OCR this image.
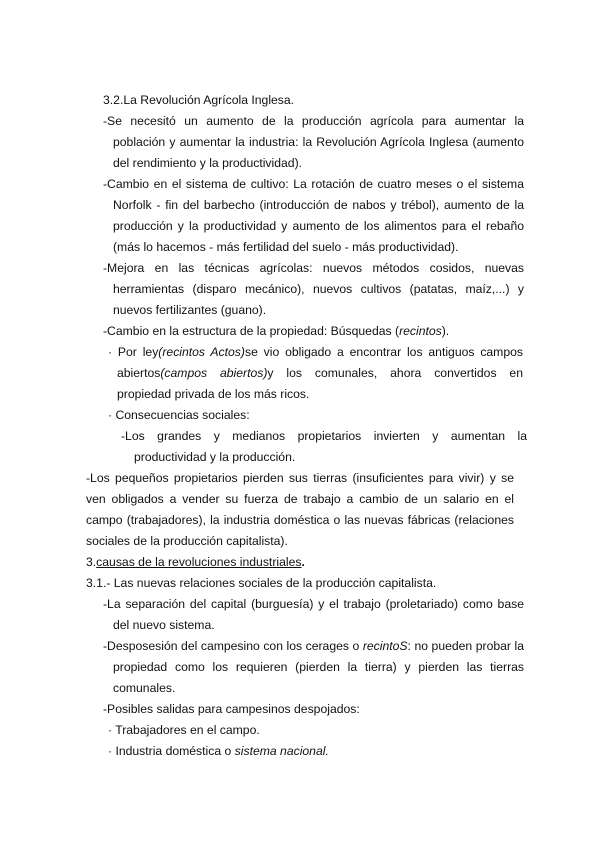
3.2.La Revolución Agrícola Inglesa.

-Se necesitó un aumento de la producción agrícola para aumentar la población y aumentar la industria: la Revolución Agrícola Inglesa (aumento del rendimiento y la productividad).

-Cambio en el sistema de cultivo: La rotación de cuatro meses o el sistema Norfolk - fin del barbecho (introducción de nabos y trébol), aumento de la producción y la productividad y aumento de los alimentos para el rebaño (más lo hacemos - más fertilidad del suelo - más productividad).

-Mejora en las técnicas agrícolas: nuevos métodos cosidos, nuevas herramientas (disparo mecánico), nuevos cultivos (patatas, maíz,...) y nuevos fertilizantes (guano).

-Cambio en la estructura de la propiedad: Búsquedas (recintos).

· Por ley(recintos Actos)se vio obligado a encontrar los antiguos campos abiertos(campos abiertos)y los comunales, ahora convertidos en propiedad privada de los más ricos.

· Consecuencias sociales:

-Los grandes y medianos propietarios invierten y aumentan la productividad y la producción.

-Los pequeños propietarios pierden sus tierras (insuficientes para vivir) y se ven obligados a vender su fuerza de trabajo a cambio de un salario en el campo (trabajadores), la industria doméstica o las nuevas fábricas (relaciones sociales de la producción capitalista).

3.causas de la revoluciones industriales.

3.1.- Las nuevas relaciones sociales de la producción capitalista.

-La separación del capital (burguesía) y el trabajo (proletariado) como base del nuevo sistema.

-Desposesión del campesino con los cerages o recintoS: no pueden probar la propiedad como los requieren (pierden la tierra) y pierden las tierras comunales.

-Posibles salidas para campesinos despojados:

· Trabajadores en el campo.

· Industria doméstica o sistema nacional.
